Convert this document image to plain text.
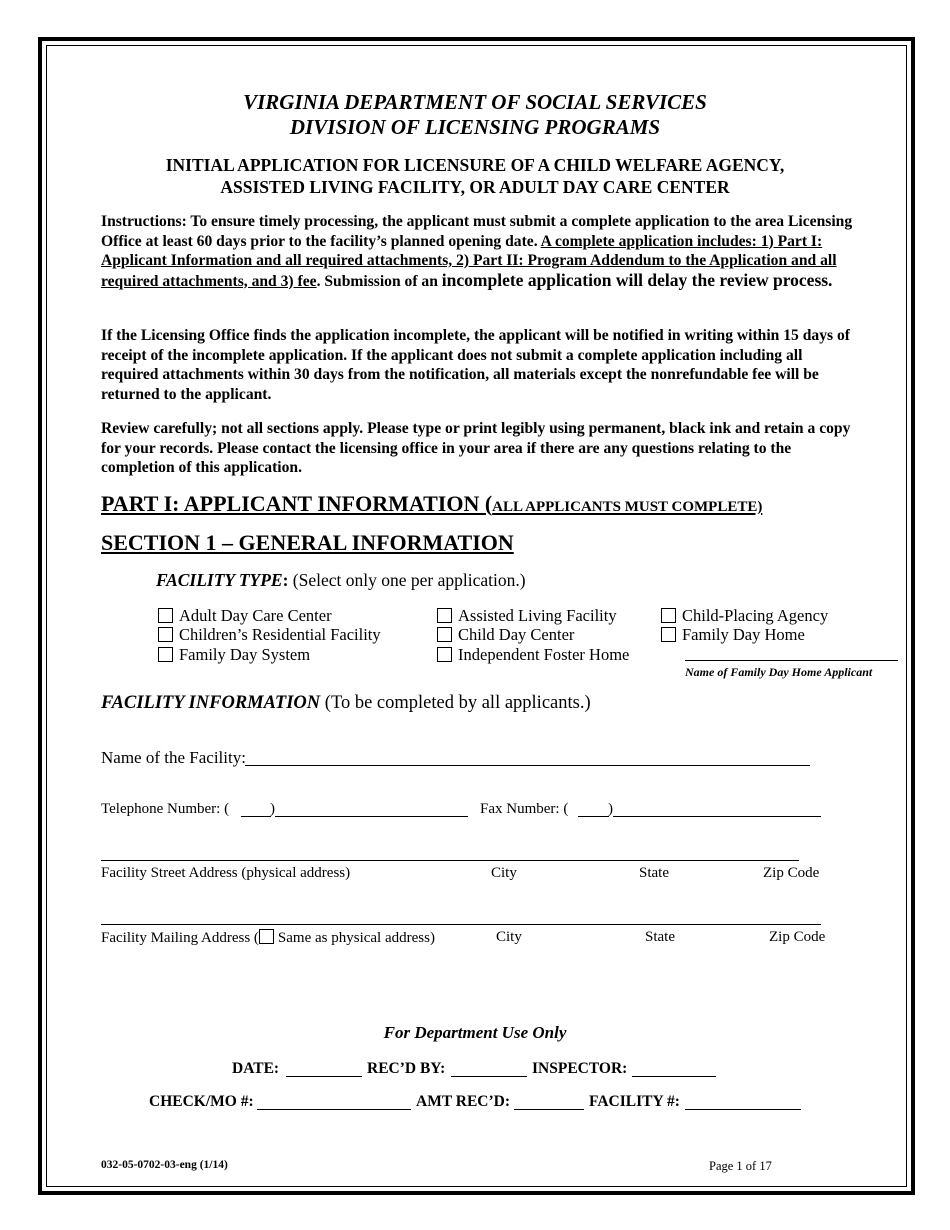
VIRGINIA DEPARTMENT OF SOCIAL SERVICES
DIVISION OF LICENSING PROGRAMS
INITIAL APPLICATION FOR LICENSURE OF A CHILD WELFARE AGENCY,
ASSISTED LIVING FACILITY, OR ADULT DAY CARE CENTER
Instructions: To ensure timely processing, the applicant must submit a complete application to the area Licensing Office at least 60 days prior to the facility’s planned opening date. A complete application includes: 1) Part I: Applicant Information and all required attachments, 2) Part II: Program Addendum to the Application and all required attachments, and 3) fee. Submission of an incomplete application will delay the review process.
If the Licensing Office finds the application incomplete, the applicant will be notified in writing within 15 days of receipt of the incomplete application. If the applicant does not submit a complete application including all required attachments within 30 days from the notification, all materials except the nonrefundable fee will be returned to the applicant.
Review carefully; not all sections apply. Please type or print legibly using permanent, black ink and retain a copy for your records. Please contact the licensing office in your area if there are any questions relating to the completion of this application.
PART I: APPLICANT INFORMATION (ALL APPLICANTS MUST COMPLETE)
SECTION 1 – GENERAL INFORMATION
FACILITY TYPE: (Select only one per application.)
Adult Day Care Center	Assisted Living Facility	Child-Placing Agency
Children’s Residential Facility	Child Day Center	Family Day Home
Family Day System	Independent Foster Home
Name of Family Day Home Applicant
FACILITY INFORMATION (To be completed by all applicants.)
Name of the Facility:
Telephone Number: (	)	Fax Number: (	)
Facility Street Address (physical address)	City	State	Zip Code
Facility Mailing Address ( Same as physical address)	City	State	Zip Code
For Department Use Only
DATE:	REC’D BY:	INSPECTOR:
CHECK/MO #:	AMT REC’D:	FACILITY #:
032-05-0702-03-eng (1/14)	Page 1 of 17
